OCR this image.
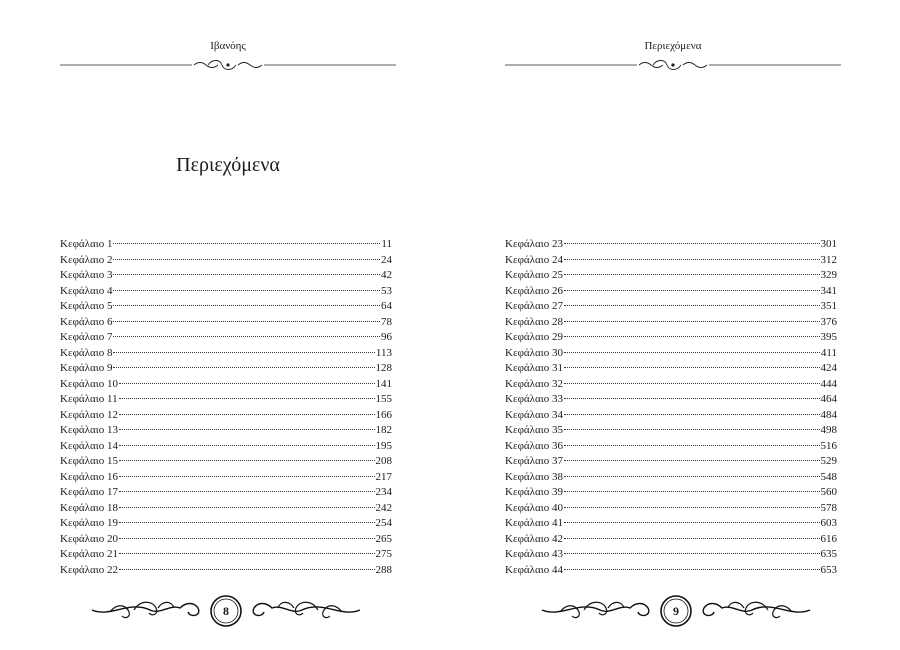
Ιβανόης
Περιεχόμενα
Κεφάλαιο 1	11
Κεφάλαιο 2	24
Κεφάλαιο 3	42
Κεφάλαιο 4	53
Κεφάλαιο 5	64
Κεφάλαιο 6	78
Κεφάλαιο 7	96
Κεφάλαιο 8	113
Κεφάλαιο 9	128
Κεφάλαιο 10	141
Κεφάλαιο 11	155
Κεφάλαιο 12	166
Κεφάλαιο 13	182
Κεφάλαιο 14	195
Κεφάλαιο 15	208
Κεφάλαιο 16	217
Κεφάλαιο 17	234
Κεφάλαιο 18	242
Κεφάλαιο 19	254
Κεφάλαιο 20	265
Κεφάλαιο 21	275
Κεφάλαιο 22	288
8
Περιεχόμενα
Κεφάλαιο 23	301
Κεφάλαιο 24	312
Κεφάλαιο 25	329
Κεφάλαιο 26	341
Κεφάλαιο 27	351
Κεφάλαιο 28	376
Κεφάλαιο 29	395
Κεφάλαιο 30	411
Κεφάλαιο 31	424
Κεφάλαιο 32	444
Κεφάλαιο 33	464
Κεφάλαιο 34	484
Κεφάλαιο 35	498
Κεφάλαιο 36	516
Κεφάλαιο 37	529
Κεφάλαιο 38	548
Κεφάλαιο 39	560
Κεφάλαιο 40	578
Κεφάλαιο 41	603
Κεφάλαιο 42	616
Κεφάλαιο 43	635
Κεφάλαιο 44	653
9
